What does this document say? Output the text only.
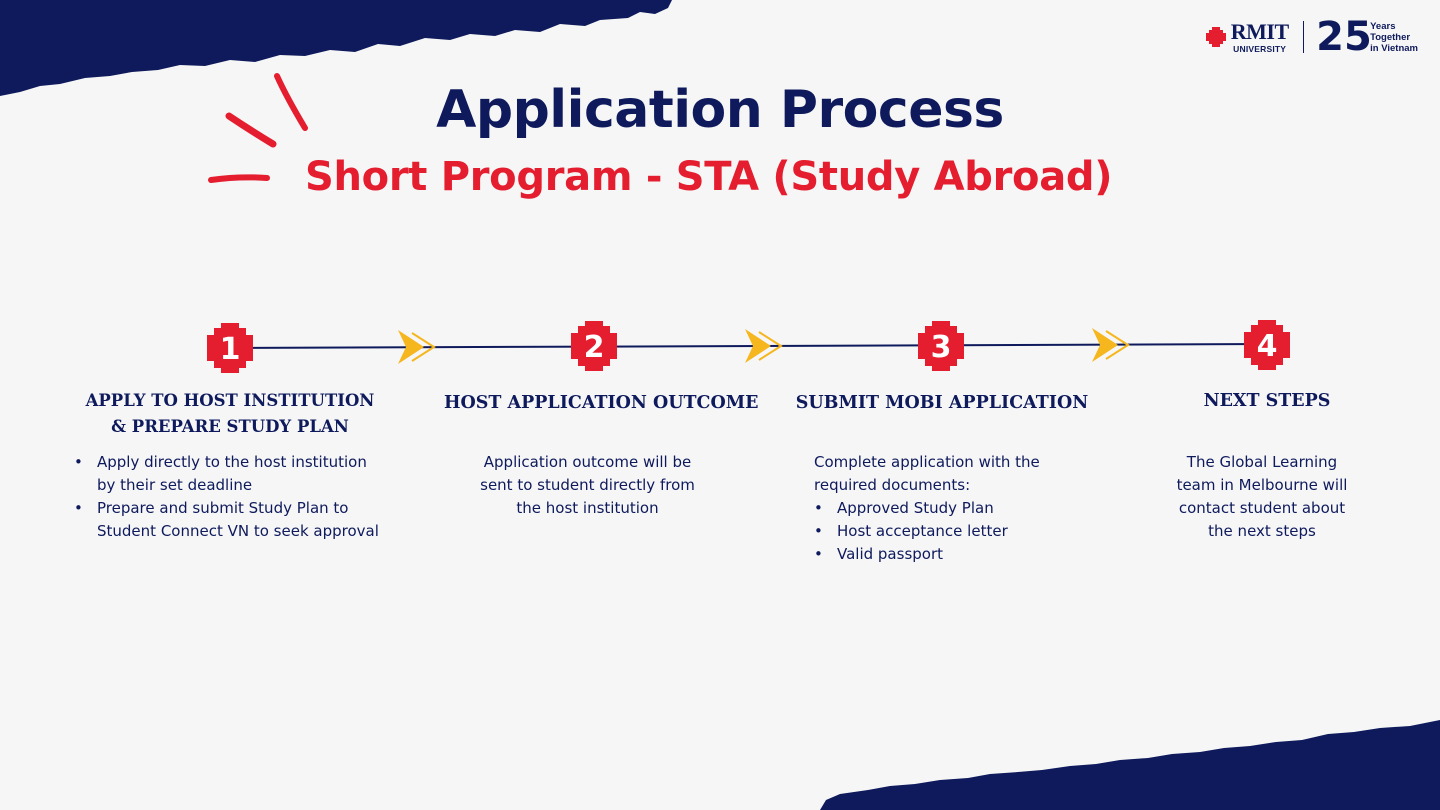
RMIT
UNIVERSITY 25
Years
Together
in Vietnam
Application Process
Short Program - STA (Study Abroad)
1	2	3	4
APPLY TO HOST INSTITUTION
& PREPARE STUDY PLAN
• Apply directly to the host institution by their set deadline
• Prepare and submit Study Plan to Student Connect VN to seek approval
HOST APPLICATION OUTCOME
Application outcome will be
sent to student directly from
the host institution
SUBMIT MOBI APPLICATION
Complete application with the
required documents:
• Approved Study Plan
• Host acceptance letter
• Valid passport
NEXT STEPS
The Global Learning
team in Melbourne will
contact student about
the next steps
